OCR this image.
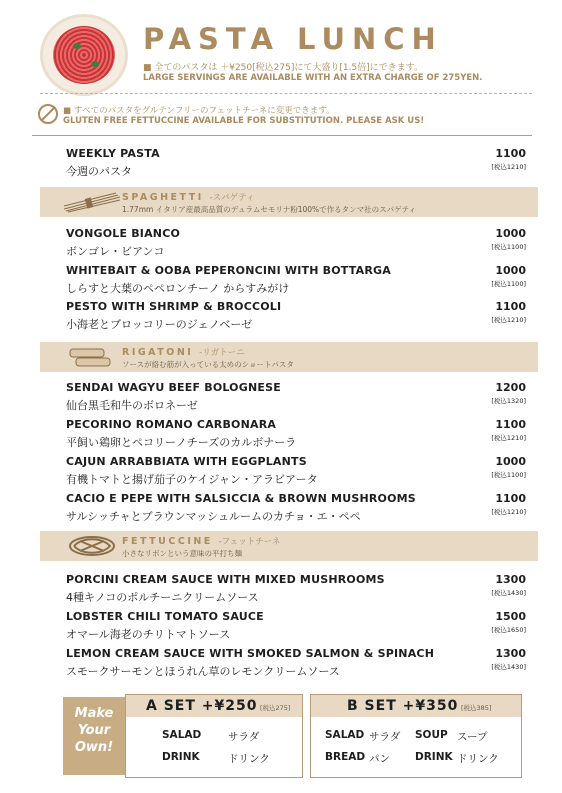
PASTA LUNCH
■ 全てのパスタは ＋¥250[税込275]にて大盛り[1.5倍]にできます。
LARGE SERVINGS ARE AVAILABLE WITH AN EXTRA CHARGE OF 275YEN.
■ すべてのパスタをグルテンフリーのフェットチーネに変更できます。
GLUTEN FREE FETTUCCINE AVAILABLE FOR SUBSTITUTION. PLEASE ASK US!
WEEKLY PASTA
今週のパスタ
1100
[税込1210]
SPAGHETTI -スパゲティ
1.77mm イタリア産最高品質のデュラムセモリナ粉100%で作るタンマ社のスパゲティ
VONGOLE BIANCO
ボンゴレ・ビアンコ
1000
[税込1100]
WHITEBAIT & OOBA PEPERONCINI WITH BOTTARGA
しらすと大葉のペペロンチーノ からすみがけ
1000
[税込1100]
PESTO WITH SHRIMP & BROCCOLI
小海老とブロッコリーのジェノベーゼ
1100
[税込1210]
RIGATONI -リガトーニ
ソースが絡む筋が入っている太めのショートパスタ
SENDAI WAGYU BEEF BOLOGNESE
仙台黒毛和牛のボロネーゼ
1200
[税込1320]
PECORINO ROMANO CARBONARA
平飼い鶏卵とペコリーノチーズのカルボナーラ
1100
[税込1210]
CAJUN ARRABBIATA WITH EGGPLANTS
有機トマトと揚げ茄子のケイジャン・アラビアータ
1000
[税込1100]
CACIO E PEPE WITH SALSICCIA & BROWN MUSHROOMS
サルシッチャとブラウンマッシュルームのカチョ・エ・ペペ
1100
[税込1210]
FETTUCCINE -フェットチーネ
小さなリボンという意味の平打ち麺
PORCINI CREAM SAUCE WITH MIXED MUSHROOMS
4種キノコのポルチーニクリームソース
1300
[税込1430]
LOBSTER CHILI TOMATO SAUCE
オマール海老のチリトマトソース
1500
[税込1650]
LEMON CREAM SAUCE WITH SMOKED SALMON & SPINACH
スモークサーモンとほうれん草のレモンクリームソース
1300
[税込1430]
Make
Your
Own!
A SET +¥250 [税込275]
SALAD	サラダ
DRINK	ドリンク
B SET +¥350 [税込385]
SALAD サラダ SOUP スープ
BREAD パン DRINK ドリンク
